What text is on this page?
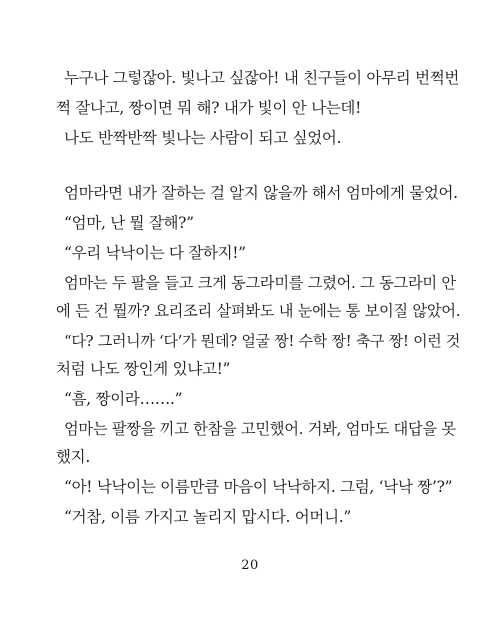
누구나 그렇잖아. 빛나고 싶잖아! 내 친구들이 아무리 번쩍번
쩍 잘나고, 짱이면 뭐 해? 내가 빛이 안 나는데!
나도 반짝반짝 빛나는 사람이 되고 싶었어.
엄마라면 내가 잘하는 걸 알지 않을까 해서 엄마에게 물었어.
“엄마, 난 뭘 잘해?”
“우리 낙낙이는 다 잘하지!”
엄마는 두 팔을 들고 크게 동그라미를 그렸어. 그 동그라미 안
에 든 건 뭘까? 요리조리 살펴봐도 내 눈에는 통 보이질 않았어.
“다? 그러니까 ‘다’가 뭔데? 얼굴 짱! 수학 짱! 축구 짱! 이런 것
처럼 나도 짱인게 있냐고!”
“흠, 짱이라…….”
엄마는 팔짱을 끼고 한참을 고민했어. 거봐, 엄마도 대답을 못
했지.
“아! 낙낙이는 이름만큼 마음이 낙낙하지. 그럼, ‘낙낙 짱’?”
“거참, 이름 가지고 놀리지 맙시다. 어머니.”
20
